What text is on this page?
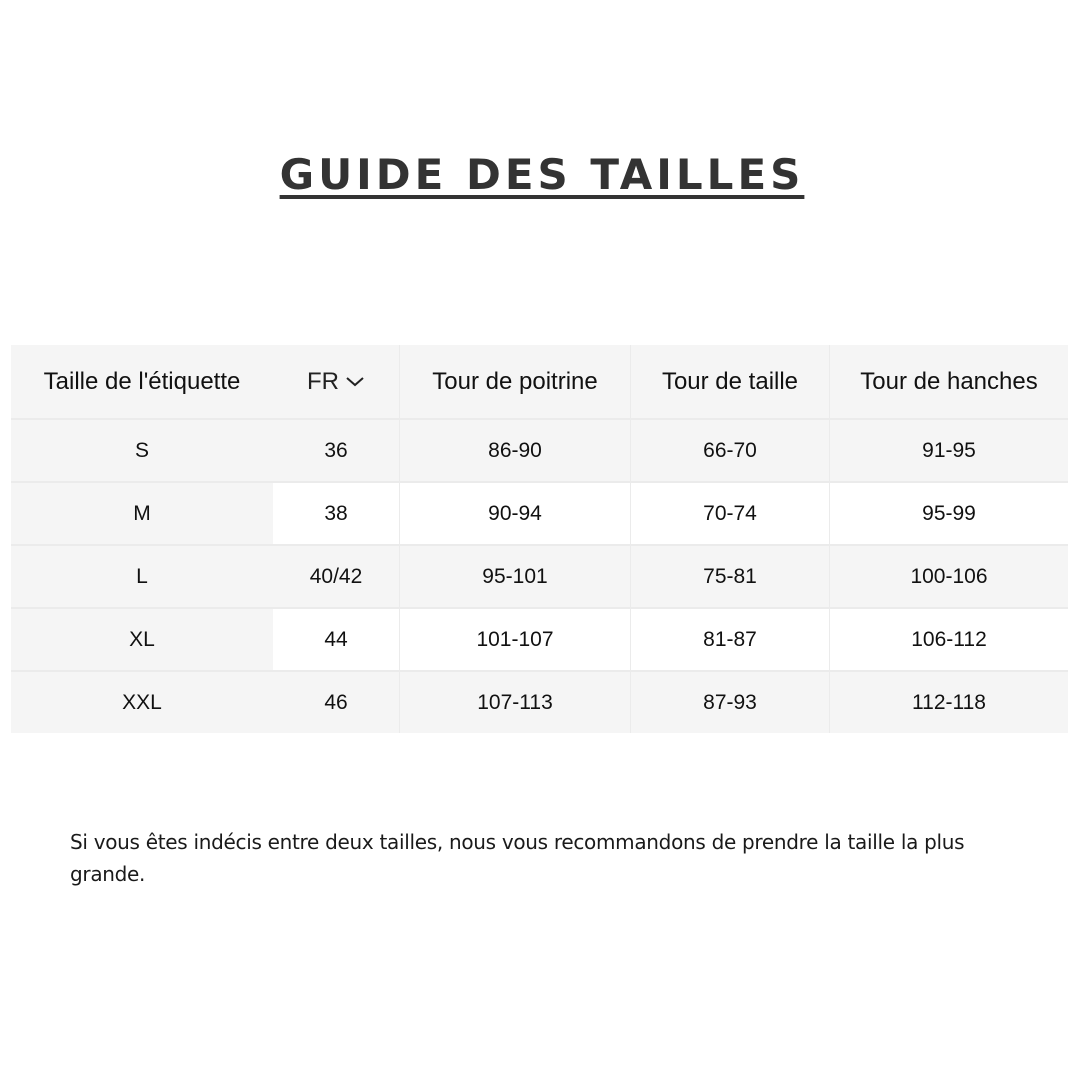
GUIDE DES TAILLES
Taille de l'étiquette	FR	Tour de poitrine	Tour de taille	Tour de hanches
S	36	86-90	66-70	91-95
M	38	90-94	70-74	95-99
L	40/42	95-101	75-81	100-106
XL	44	101-107	81-87	106-112
XXL	46	107-113	87-93	112-118

Si vous êtes indécis entre deux tailles, nous vous recommandons de prendre la taille la plus grande.
